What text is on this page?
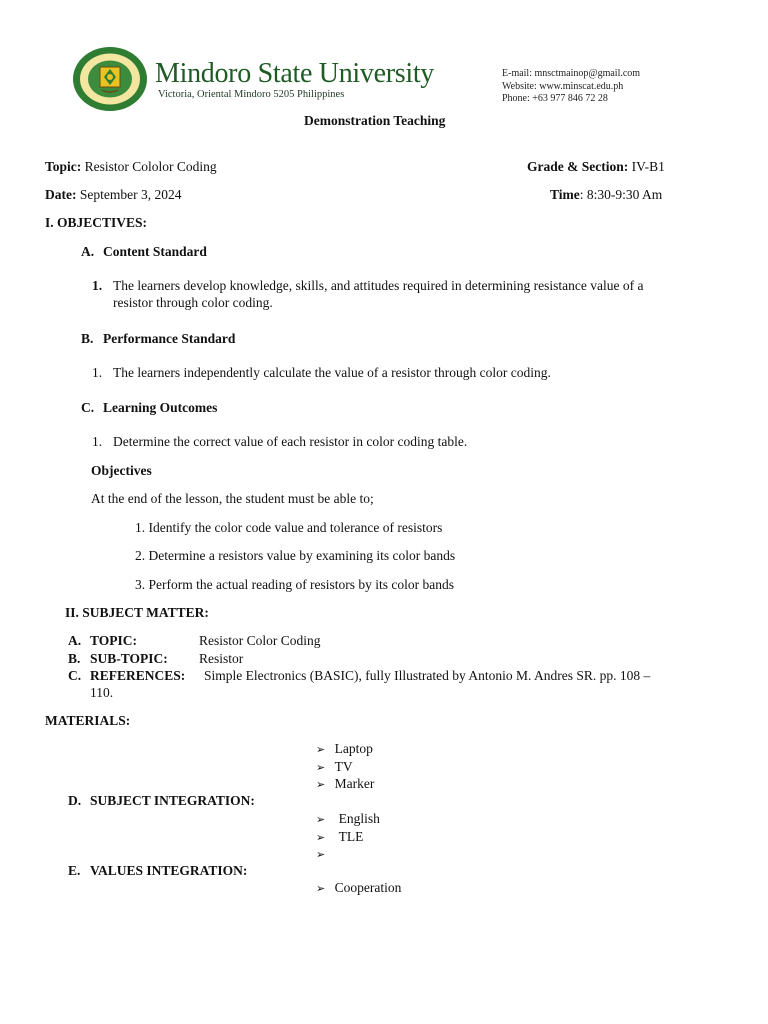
Mindoro State University
Victoria, Oriental Mindoro 5205 Philippines
E-mail: mnsctmainop@gmail.com
Website: www.minscat.edu.ph
Phone: +63 977 846 72 28
Demonstration Teaching
Topic: Resistor Cololor Coding	Grade & Section: IV-B1
Date: September 3, 2024	Time: 8:30-9:30 Am
I. OBJECTIVES:
A. Content Standard
1. The learners develop knowledge, skills, and attitudes required in determining resistance value of a
resistor through color coding.
B. Performance Standard
1. The learners independently calculate the value of a resistor through color coding.
C. Learning Outcomes
1. Determine the correct value of each resistor in color coding table.
Objectives
At the end of the lesson, the student must be able to;
1. Identify the color code value and tolerance of resistors
2. Determine a resistors value by examining its color bands
3. Perform the actual reading of resistors by its color bands
II. SUBJECT MATTER:
A. TOPIC:	Resistor Color Coding
B. SUB-TOPIC: Resistor
C. REFERENCES: Simple Electronics (BASIC), fully Illustrated by Antonio M. Andres SR. pp. 108 –
110.
MATERIALS:
➢ Laptop
➢ TV
➢ Marker
D. SUBJECT INTEGRATION:
➢ English
➢ TLE
➢
E. VALUES INTEGRATION:
➢ Cooperation
